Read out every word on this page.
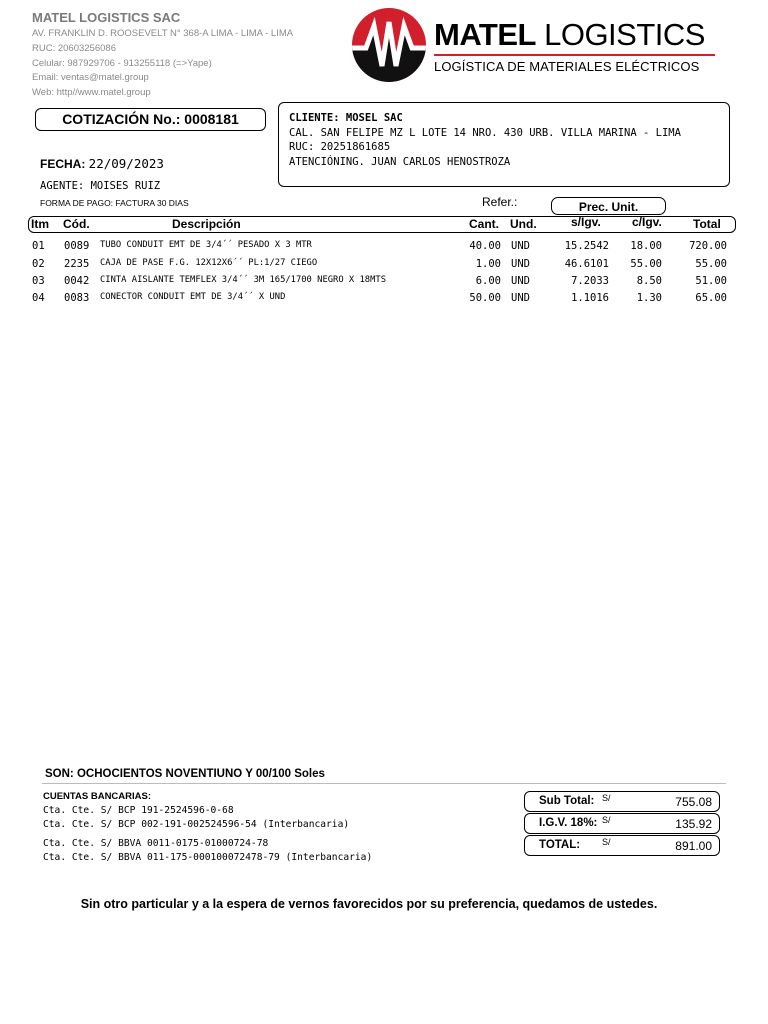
MATEL LOGISTICS SAC
AV. FRANKLIN D. ROOSEVELT N° 368-A LIMA - LIMA - LIMA
RUC: 20603256086
Celular: 987929706 - 913255118 (=>Yape)
Email: ventas@matel.group
Web: http//www.matel.group
MATEL LOGISTICS
LOGÍSTICA DE MATERIALES ELÉCTRICOS
COTIZACIÓN No.: 0008181
FECHA: 22/09/2023
AGENTE: MOISES RUIZ
FORMA DE PAGO: FACTURA 30 DIAS
CLIENTE: MOSEL SAC
CAL. SAN FELIPE MZ L LOTE 14 NRO. 430 URB. VILLA MARINA - LIMA
RUC: 20251861685
ATENCIÓNING. JUAN CARLOS HENOSTROZA
Refer.:	Prec. Unit.
s/Igv.	c/Igv.
Itm Cód.	Descripción	Cant. Und.	Total
01 0089 TUBO CONDUIT EMT DE 3/4´´ PESADO X 3 MTR	40.00 UND	15.2542	18.00	720.00
02 2235 CAJA DE PASE F.G. 12X12X6´´ PL:1/27 CIEGO	1.00 UND	46.6101	55.00	55.00
03 0042 CINTA AISLANTE TEMFLEX 3/4´´ 3M 165/1700 NEGRO X 18MTS	6.00 UND	7.2033	8.50	51.00
04 0083 CONECTOR CONDUIT EMT DE 3/4´´ X UND	50.00 UND	1.1016	1.30	65.00
SON: OCHOCIENTOS NOVENTIUNO Y 00/100 Soles
CUENTAS BANCARIAS:
Cta. Cte. S/ BCP 191-2524596-0-68
Cta. Cte. S/ BCP 002-191-002524596-54 (Interbancaria)
Cta. Cte. S/ BBVA 0011-0175-01000724-78
Cta. Cte. S/ BBVA 011-175-000100072478-79 (Interbancaria)
Sub Total: S/	755.08
I.G.V. 18%: S/	135.92
TOTAL: S/	891.00
Sin otro particular y a la espera de vernos favorecidos por su preferencia, quedamos de ustedes.
